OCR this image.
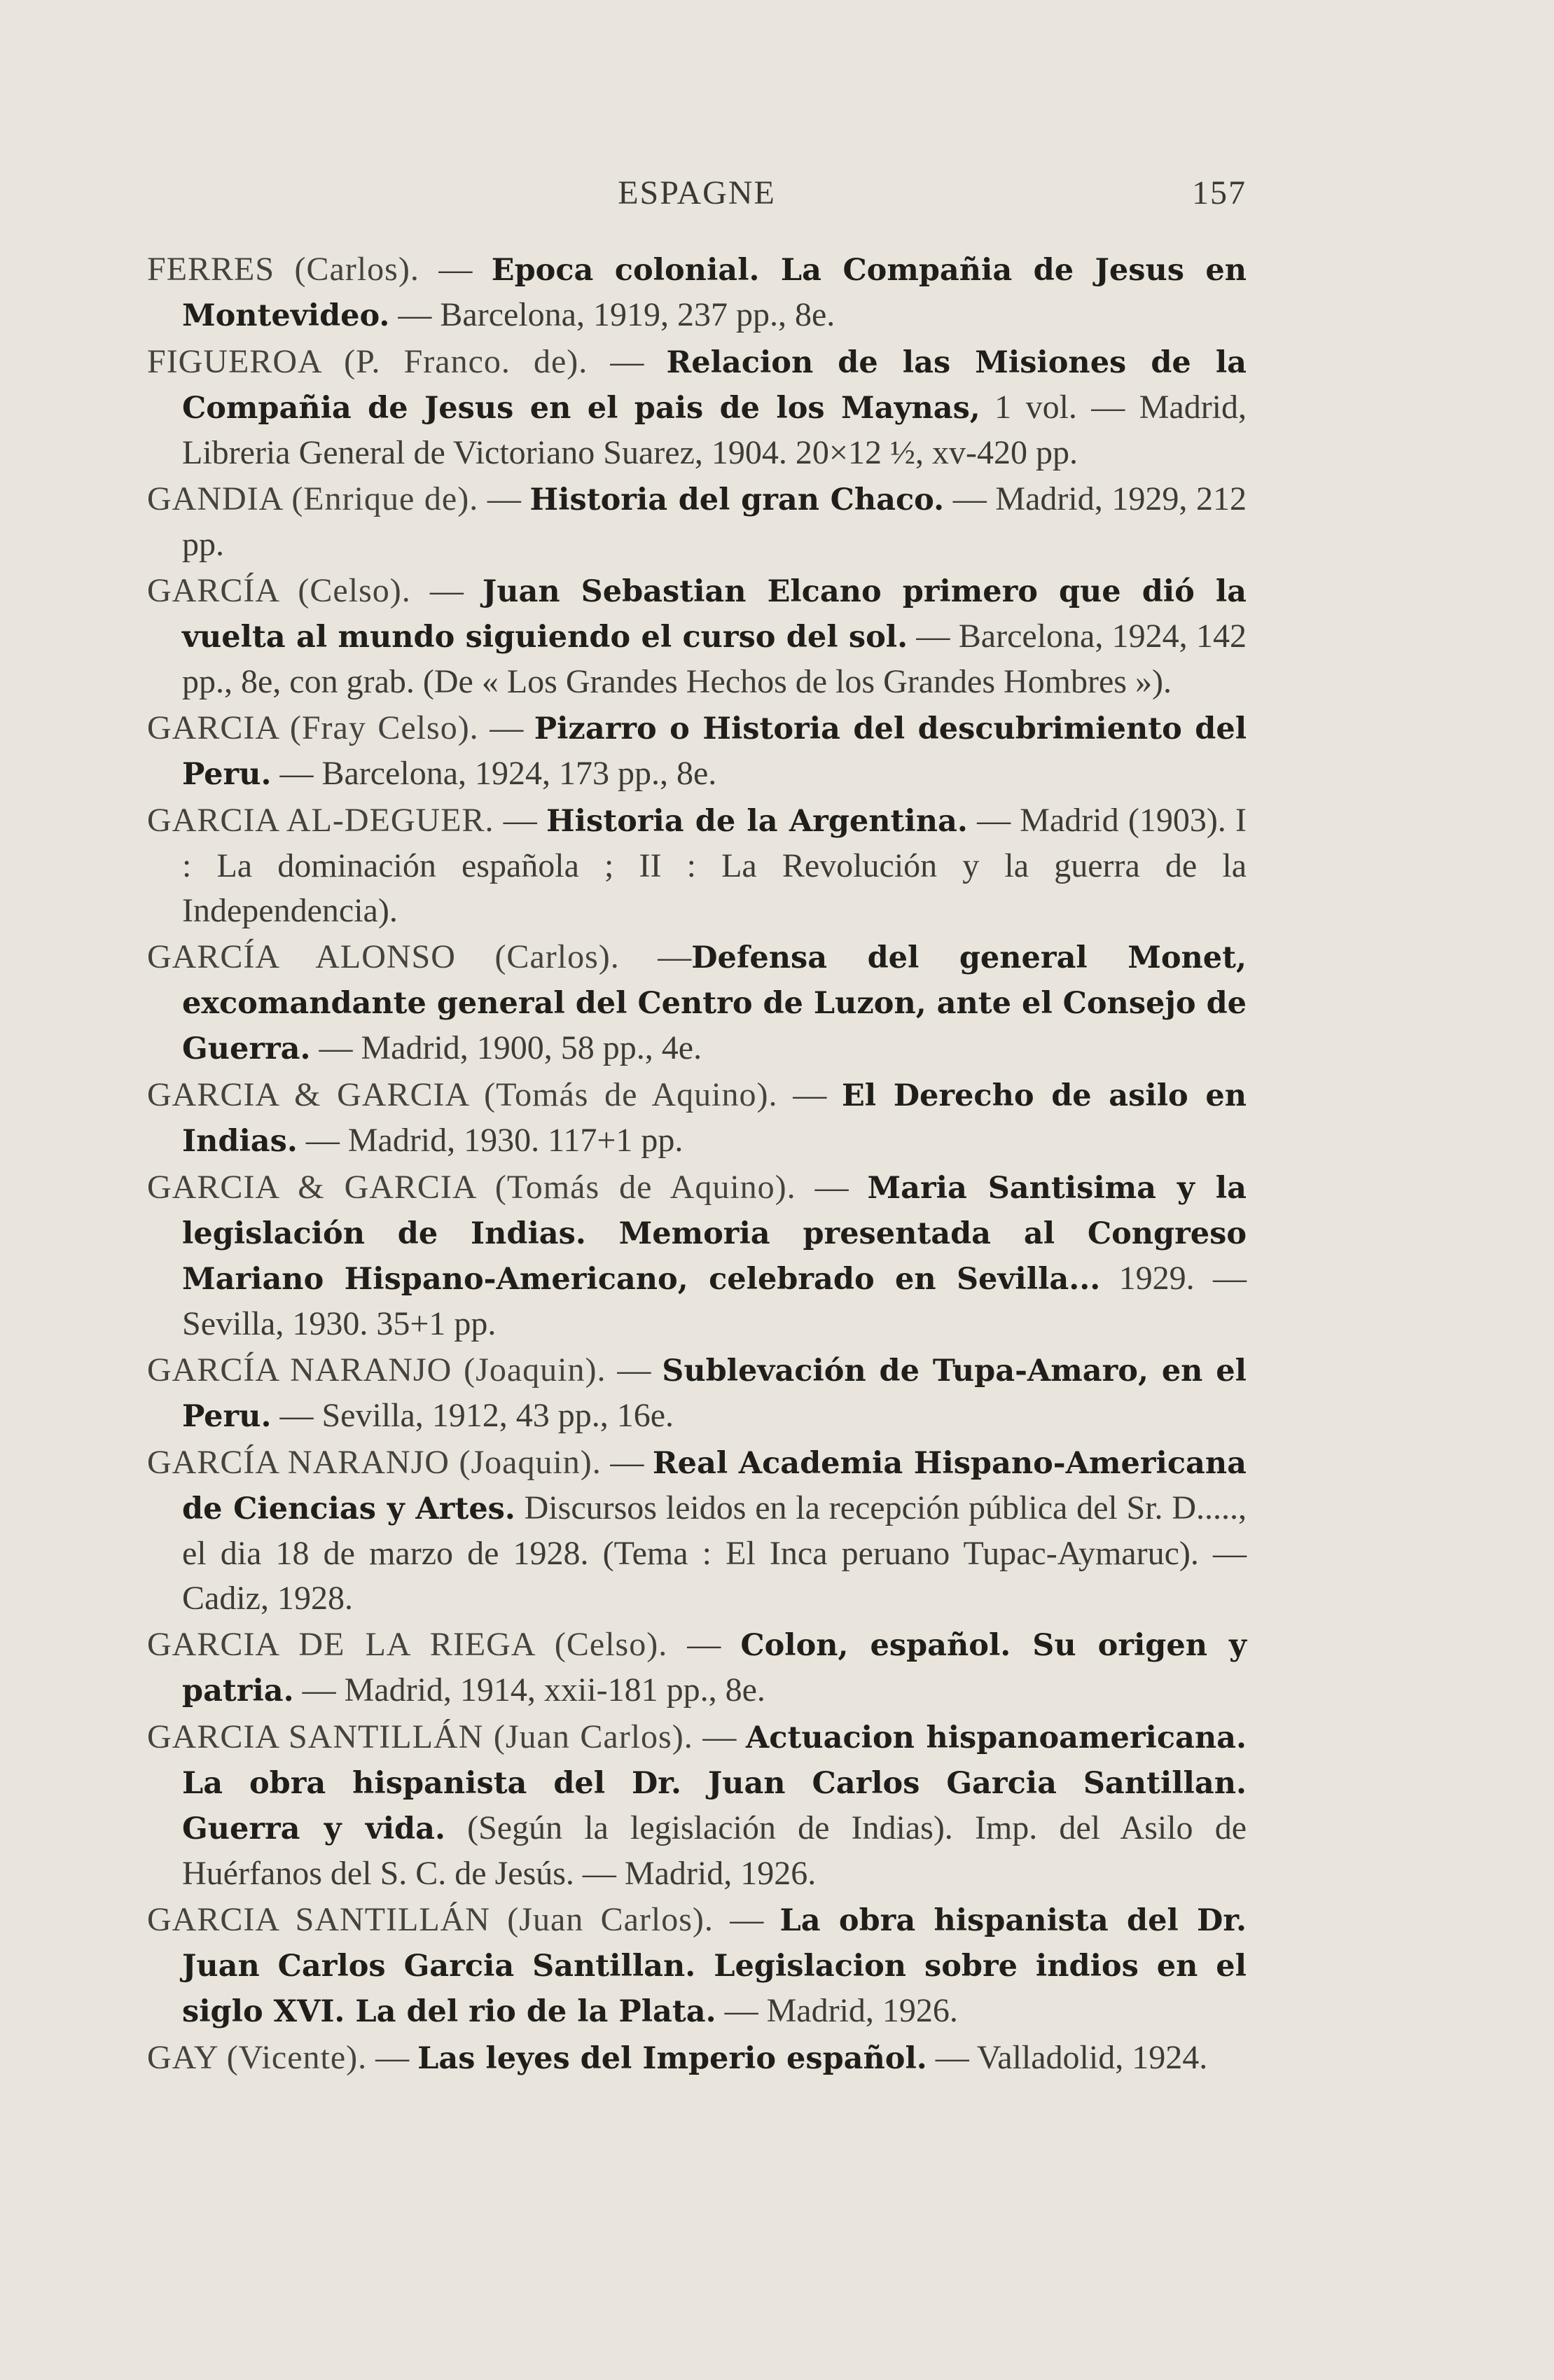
ESPAGNE	157

FERRES (Carlos). — Epoca colonial. La Compañia de Jesus en Montevideo. — Barcelona, 1919, 237 pp., 8e.

FIGUEROA (P. Franco. de). — Relacion de las Misiones de la Compañia de Jesus en el pais de los Maynas, 1 vol. — Madrid, Libreria General de Victoriano Suarez, 1904. 20×12 ½, xv-420 pp.

GANDIA (Enrique de). — Historia del gran Chaco. — Madrid, 1929, 212 pp.

GARCÍA (Celso). — Juan Sebastian Elcano primero que dió la vuelta al mundo siguiendo el curso del sol. — Barcelona, 1924, 142 pp., 8e, con grab. (De « Los Grandes Hechos de los Grandes Hombres »).

GARCIA (Fray Celso). — Pizarro o Historia del descubrimiento del Peru. — Barcelona, 1924, 173 pp., 8e.

GARCIA AL-DEGUER. — Historia de la Argentina. — Madrid (1903). I : La dominación española ; II : La Revolución y la guerra de la Independencia).

GARCÍA ALONSO (Carlos). —Defensa del general Monet, excomandante general del Centro de Luzon, ante el Consejo de Guerra. — Madrid, 1900, 58 pp., 4e.

GARCIA & GARCIA (Tomás de Aquino). — El Derecho de asilo en Indias. — Madrid, 1930. 117+1 pp.

GARCIA & GARCIA (Tomás de Aquino). — Maria Santisima y la legislación de Indias. Memoria presentada al Congreso Mariano Hispano-Americano, celebrado en Sevilla... 1929. — Sevilla, 1930. 35+1 pp.

GARCÍA NARANJO (Joaquin). — Sublevación de Tupa-Amaro, en el Peru. — Sevilla, 1912, 43 pp., 16e.

GARCÍA NARANJO (Joaquin). — Real Academia Hispano-Americana de Ciencias y Artes. Discursos leidos en la recepción pública del Sr. D....., el dia 18 de marzo de 1928. (Tema : El Inca peruano Tupac-Aymaruc). — Cadiz, 1928.

GARCIA DE LA RIEGA (Celso). — Colon, español. Su origen y patria. — Madrid, 1914, xxii-181 pp., 8e.

GARCIA SANTILLÁN (Juan Carlos). — Actuacion hispanoamericana. La obra hispanista del Dr. Juan Carlos Garcia Santillan. Guerra y vida. (Según la legislación de Indias). Imp. del Asilo de Huérfanos del S. C. de Jesús. — Madrid, 1926.

GARCIA SANTILLÁN (Juan Carlos). — La obra hispanista del Dr. Juan Carlos Garcia Santillan. Legislacion sobre indios en el siglo XVI. La del rio de la Plata. — Madrid, 1926.

GAY (Vicente). — Las leyes del Imperio español. — Valladolid, 1924.
